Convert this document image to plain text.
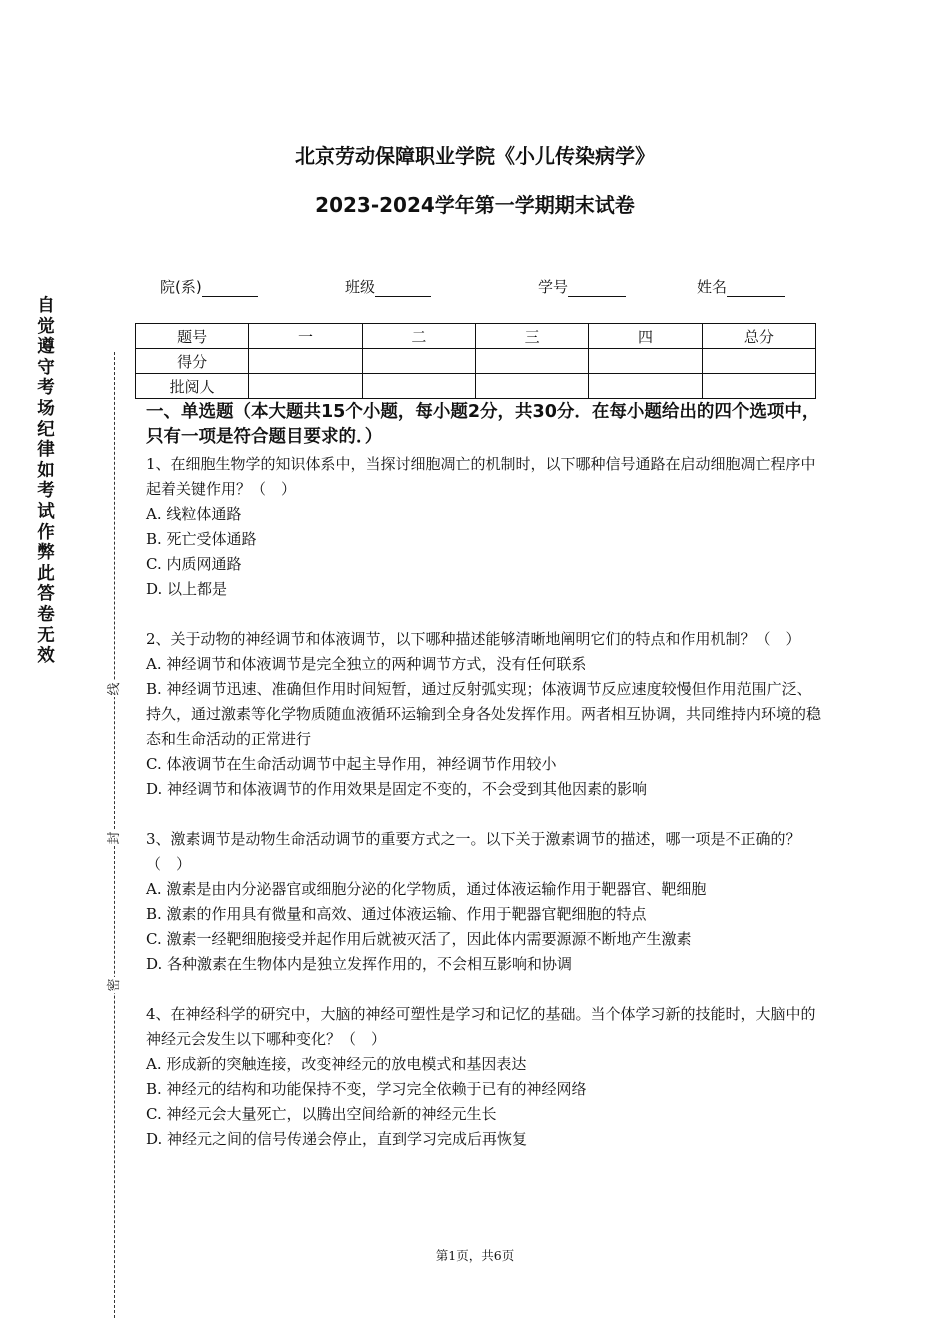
北京劳动保障职业学院《小儿传染病学》
2023-2024学年第一学期期末试卷
院(系)	班级	学号	姓名
题号	一	二	三	四	总分
得分					
批阅人					
自
觉
遵
守
考
场
纪
律
如
考
试
作
弊
此
答
卷
无
效
线
封
密
一、单选题（本大题共15个小题，每小题2分，共30分．在每小题给出的四个选项中，只有一项是符合题目要求的．）

1、在细胞生物学的知识体系中，当探讨细胞凋亡的机制时，以下哪种信号通路在启动细胞凋亡程序中起着关键作用？（　）

A. 线粒体通路

B. 死亡受体通路

C. 内质网通路

D. 以上都是

2、关于动物的神经调节和体液调节，以下哪种描述能够清晰地阐明它们的特点和作用机制？（　）

A. 神经调节和体液调节是完全独立的两种调节方式，没有任何联系

B. 神经调节迅速、准确但作用时间短暂，通过反射弧实现；体液调节反应速度较慢但作用范围广泛、持久，通过激素等化学物质随血液循环运输到全身各处发挥作用。两者相互协调，共同维持内环境的稳态和生命活动的正常进行

C. 体液调节在生命活动调节中起主导作用，神经调节作用较小

D. 神经调节和体液调节的作用效果是固定不变的，不会受到其他因素的影响

3、激素调节是动物生命活动调节的重要方式之一。以下关于激素调节的描述，哪一项是不正确的？（　）

A. 激素是由内分泌器官或细胞分泌的化学物质，通过体液运输作用于靶器官、靶细胞

B. 激素的作用具有微量和高效、通过体液运输、作用于靶器官靶细胞的特点

C. 激素一经靶细胞接受并起作用后就被灭活了，因此体内需要源源不断地产生激素

D. 各种激素在生物体内是独立发挥作用的，不会相互影响和协调

4、在神经科学的研究中，大脑的神经可塑性是学习和记忆的基础。当个体学习新的技能时，大脑中的神经元会发生以下哪种变化？（　）

A. 形成新的突触连接，改变神经元的放电模式和基因表达

B. 神经元的结构和功能保持不变，学习完全依赖于已有的神经网络

C. 神经元会大量死亡，以腾出空间给新的神经元生长

D. 神经元之间的信号传递会停止，直到学习完成后再恢复

第1页，共6页
